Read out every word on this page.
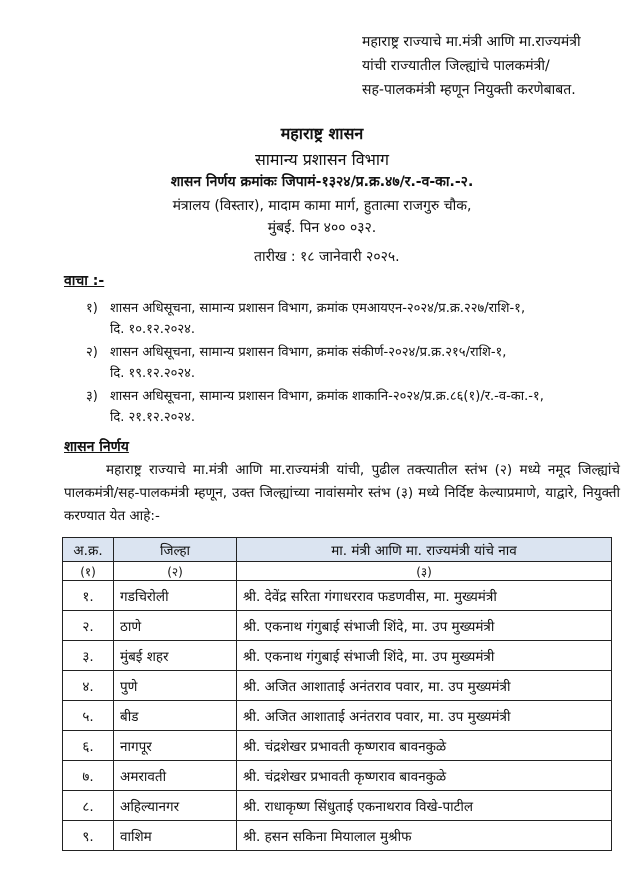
महाराष्ट्र राज्याचे मा.मंत्री आणि मा.राज्यमंत्री
यांची राज्यातील जिल्ह्यांचे पालकमंत्री/
सह-पालकमंत्री म्हणून नियुक्ती करणेबाबत.
महाराष्ट्र शासन
सामान्य प्रशासन विभाग
शासन निर्णय क्रमांकः जिपामं-१३२४/प्र.क्र.४७/र.-व-का.-२.
मंत्रालय (विस्तार), मादाम कामा मार्ग, हुतात्मा राजगुरु चौक,
मुंबई. पिन ४०० ०३२.
तारीख : १८ जानेवारी २०२५.
वाचा :-
१) शासन अधिसूचना, सामान्य प्रशासन विभाग, क्रमांक एमआयएन-२०२४/प्र.क्र.२२७/राशि-१,
दि. १०.१२.२०२४.
२) शासन अधिसूचना, सामान्य प्रशासन विभाग, क्रमांक संकीर्ण-२०२४/प्र.क्र.२१५/राशि-१,
दि. १९.१२.२०२४.
३) शासन अधिसूचना, सामान्य प्रशासन विभाग, क्रमांक शाकानि-२०२४/प्र.क्र.८६(१)/र.-व-का.-१,
दि. २१.१२.२०२४.
शासन निर्णय
महाराष्ट्र राज्याचे मा.मंत्री आणि मा.राज्यमंत्री यांची, पुढील तक्त्यातील स्तंभ (२) मध्ये नमूद जिल्ह्यांचे पालकमंत्री/सह-पालकमंत्री म्हणून, उक्त जिल्ह्यांच्या नावांसमोर स्तंभ (३) मध्ये निर्दिष्ट केल्याप्रमाणे, याद्वारे, नियुक्ती करण्यात येत आहे:-
अ.क्र.	जिल्हा	मा. मंत्री आणि मा. राज्यमंत्री यांचे नाव
(१)	(२)	(३)
१.	गडचिरोली	श्री. देवेंद्र सरिता गंगाधरराव फडणवीस, मा. मुख्यमंत्री
२.	ठाणे	श्री. एकनाथ गंगुबाई संभाजी शिंदे, मा. उप मुख्यमंत्री
३.	मुंबई शहर	श्री. एकनाथ गंगुबाई संभाजी शिंदे, मा. उप मुख्यमंत्री
४.	पुणे	श्री. अजित आशाताई अनंतराव पवार, मा. उप मुख्यमंत्री
५.	बीड	श्री. अजित आशाताई अनंतराव पवार, मा. उप मुख्यमंत्री
६.	नागपूर	श्री. चंद्रशेखर प्रभावती कृष्णराव बावनकुळे
७.	अमरावती	श्री. चंद्रशेखर प्रभावती कृष्णराव बावनकुळे
८.	अहिल्यानगर	श्री. राधाकृष्ण सिंधुताई एकनाथराव विखे-पाटील
९.	वाशिम	श्री. हसन सकिना मियालाल मुश्रीफ
